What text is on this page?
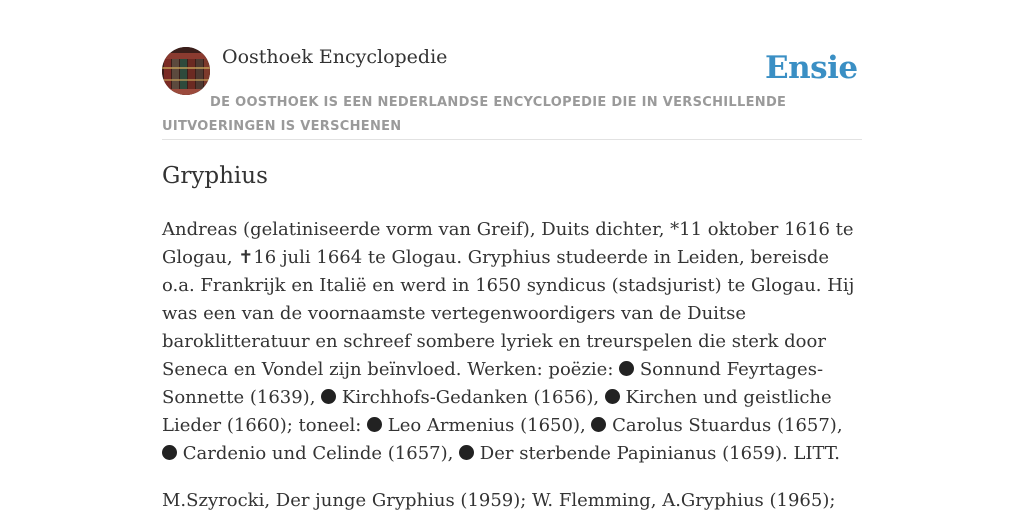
Oosthoek Encyclopedie	Ensie
DE OOSTHOEK IS EEN NEDERLANDSE ENCYCLOPEDIE DIE IN VERSCHILLENDE UITVOERINGEN IS VERSCHENEN
Gryphius

Andreas (gelatiniseerde vorm van Greif), Duits dichter, *11 oktober 1616 te Glogau, ✝16 juli 1664 te Glogau. Gryphius studeerde in Leiden, bereisde o.a. Frankrijk en Italië en werd in 1650 syndicus (stadsjurist) te Glogau. Hij was een van de voornaamste vertegenwoordigers van de Duitse baroklitteratuur en schreef sombere lyriek en treurspelen die sterk door Seneca en Vondel zijn beïnvloed. Werken: poëzie:  Sonnund Feyrtages-Sonnette (1639),  Kirchhofs-Gedanken (1656),  Kirchen und geistliche Lieder (1660); toneel:  Leo Armenius (1650),  Carolus Stuardus (1657),  Cardenio und Celinde (1657),  Der sterbende Papinianus (1659). LITT.

M.Szyrocki, Der junge Gryphius (1959); W. Flemming, A.Gryphius (1965);
